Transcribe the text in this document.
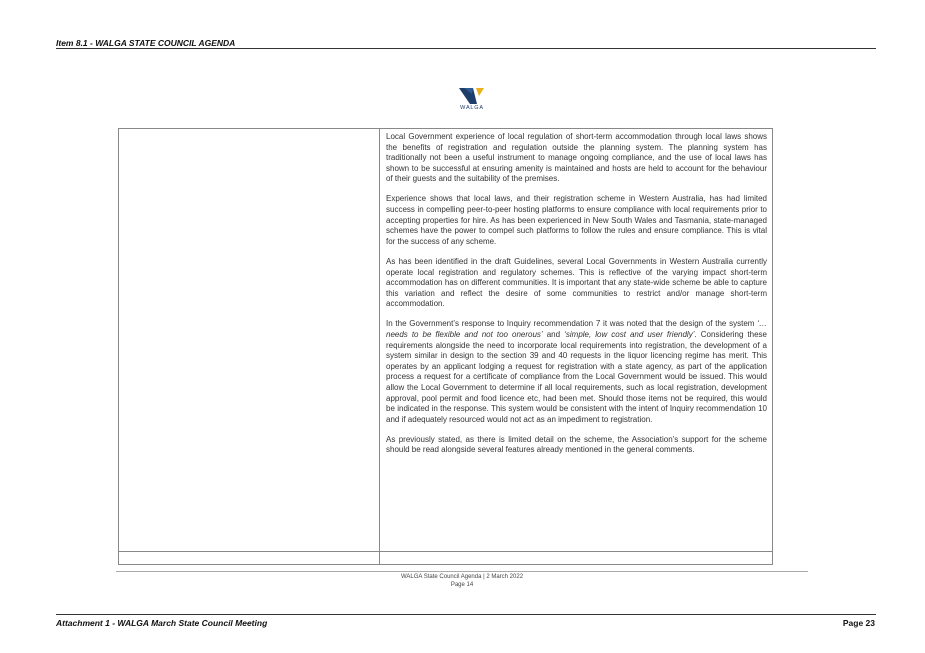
Item 8.1 - WALGA STATE COUNCIL AGENDA
WALGA

Local Government experience of local regulation of short-term accommodation through local laws shows the benefits of registration and regulation outside the planning system. The planning system has traditionally not been a useful instrument to manage ongoing compliance, and the use of local laws has shown to be successful at ensuring amenity is maintained and hosts are held to account for the behaviour of their guests and the suitability of the premises.

Experience shows that local laws, and their registration scheme in Western Australia, has had limited success in compelling peer-to-peer hosting platforms to ensure compliance with local requirements prior to accepting properties for hire. As has been experienced in New South Wales and Tasmania, state-managed schemes have the power to compel such platforms to follow the rules and ensure compliance. This is vital for the success of any scheme.

As has been identified in the draft Guidelines, several Local Governments in Western Australia currently operate local registration and regulatory schemes. This is reflective of the varying impact short-term accommodation has on different communities. It is important that any state-wide scheme be able to capture this variation and reflect the desire of some communities to restrict and/or manage short-term accommodation.

In the Government’s response to Inquiry recommendation 7 it was noted that the design of the system ‘…needs to be flexible and not too onerous’ and ‘simple, low cost and user friendly’. Considering these requirements alongside the need to incorporate local requirements into registration, the development of a system similar in design to the section 39 and 40 requests in the liquor licencing regime has merit. This operates by an applicant lodging a request for registration with a state agency, as part of the application process a request for a certificate of compliance from the Local Government would be issued. This would allow the Local Government to determine if all local requirements, such as local registration, development approval, pool permit and food licence etc, had been met. Should those items not be required, this would be indicated in the response. This system would be consistent with the intent of Inquiry recommendation 10 and if adequately resourced would not act as an impediment to registration.

As previously stated, as there is limited detail on the scheme, the Association’s support for the scheme should be read alongside several features already mentioned in the general comments.

WALGA State Council Agenda | 2 March 2022
Page 14
Attachment 1 - WALGA March State Council Meeting	Page 23
